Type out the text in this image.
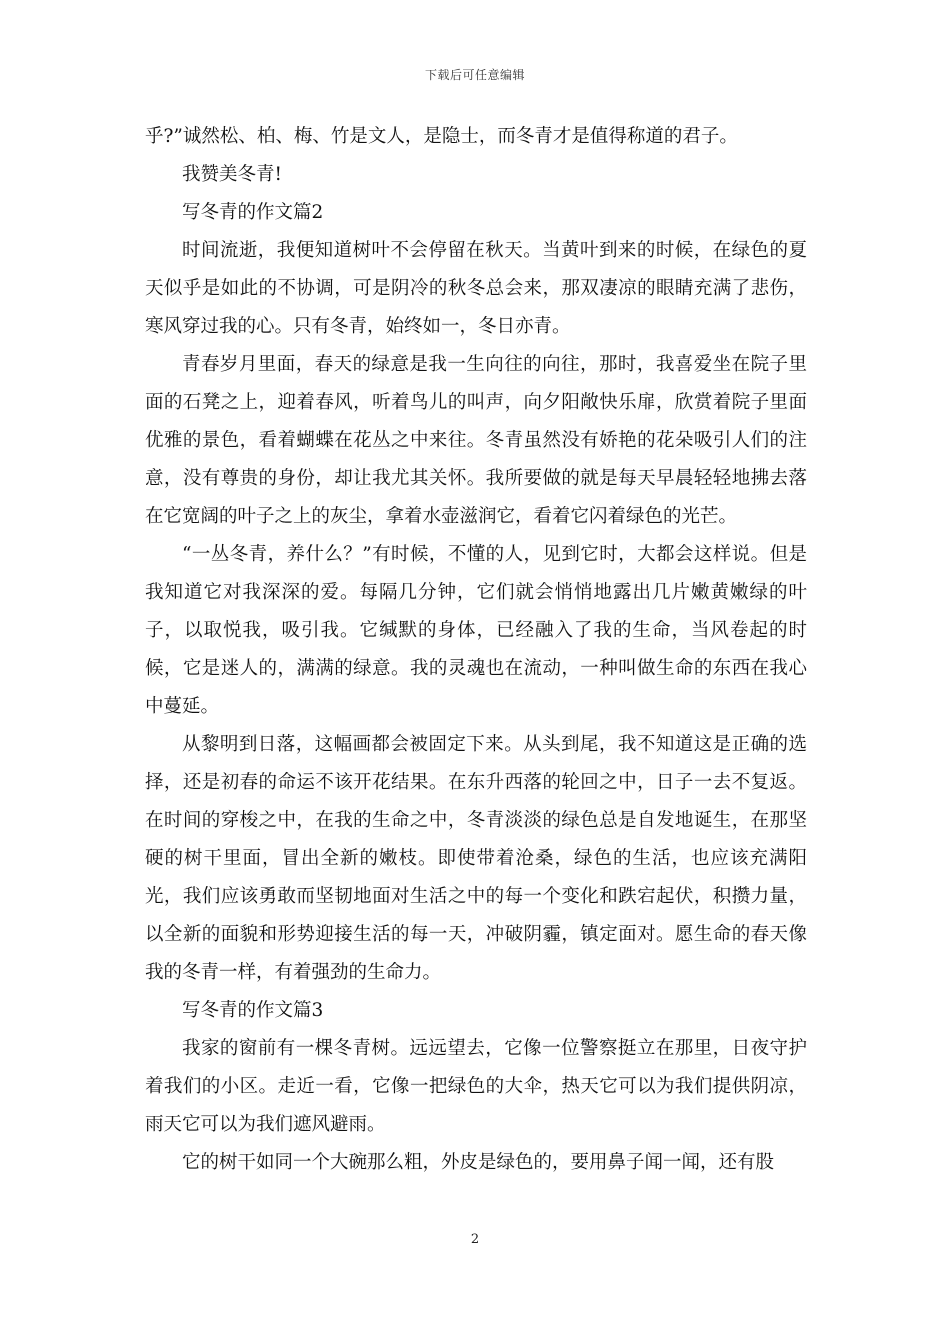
下载后可任意编辑

乎?”诚然松、柏、梅、竹是文人，是隐士，而冬青才是值得称道的君子。

我赞美冬青!

写冬青的作文篇2

时间流逝，我便知道树叶不会停留在秋天。当黄叶到来的时候，在绿色的夏天似乎是如此的不协调，可是阴冷的秋冬总会来，那双凄凉的眼睛充满了悲伤，寒风穿过我的心。只有冬青，始终如一，冬日亦青。

青春岁月里面，春天的绿意是我一生向往的向往，那时，我喜爱坐在院子里面的石凳之上，迎着春风，听着鸟儿的叫声，向夕阳敞快乐扉，欣赏着院子里面优雅的景色，看着蝴蝶在花丛之中来往。冬青虽然没有娇艳的花朵吸引人们的注意，没有尊贵的身份，却让我尤其关怀。我所要做的就是每天早晨轻轻地拂去落在它宽阔的叶子之上的灰尘，拿着水壶滋润它，看着它闪着绿色的光芒。

“一丛冬青，养什么？”有时候，不懂的人，见到它时，大都会这样说。但是我知道它对我深深的爱。每隔几分钟，它们就会悄悄地露出几片嫩黄嫩绿的叶子，以取悦我，吸引我。它缄默的身体，已经融入了我的生命，当风卷起的时候，它是迷人的，满满的绿意。我的灵魂也在流动，一种叫做生命的东西在我心中蔓延。

从黎明到日落，这幅画都会被固定下来。从头到尾，我不知道这是正确的选择，还是初春的命运不该开花结果。在东升西落的轮回之中，日子一去不复返。在时间的穿梭之中，在我的生命之中，冬青淡淡的绿色总是自发地诞生，在那坚硬的树干里面，冒出全新的嫩枝。即使带着沧桑，绿色的生活，也应该充满阳光，我们应该勇敢而坚韧地面对生活之中的每一个变化和跌宕起伏，积攒力量，以全新的面貌和形势迎接生活的每一天，冲破阴霾，镇定面对。愿生命的春天像我的冬青一样，有着强劲的生命力。

写冬青的作文篇3

我家的窗前有一棵冬青树。远远望去，它像一位警察挺立在那里，日夜守护着我们的小区。走近一看，它像一把绿色的大伞，热天它可以为我们提供阴凉，雨天它可以为我们遮风避雨。

它的树干如同一个大碗那么粗，外皮是绿色的，要用鼻子闻一闻，还有股

2
